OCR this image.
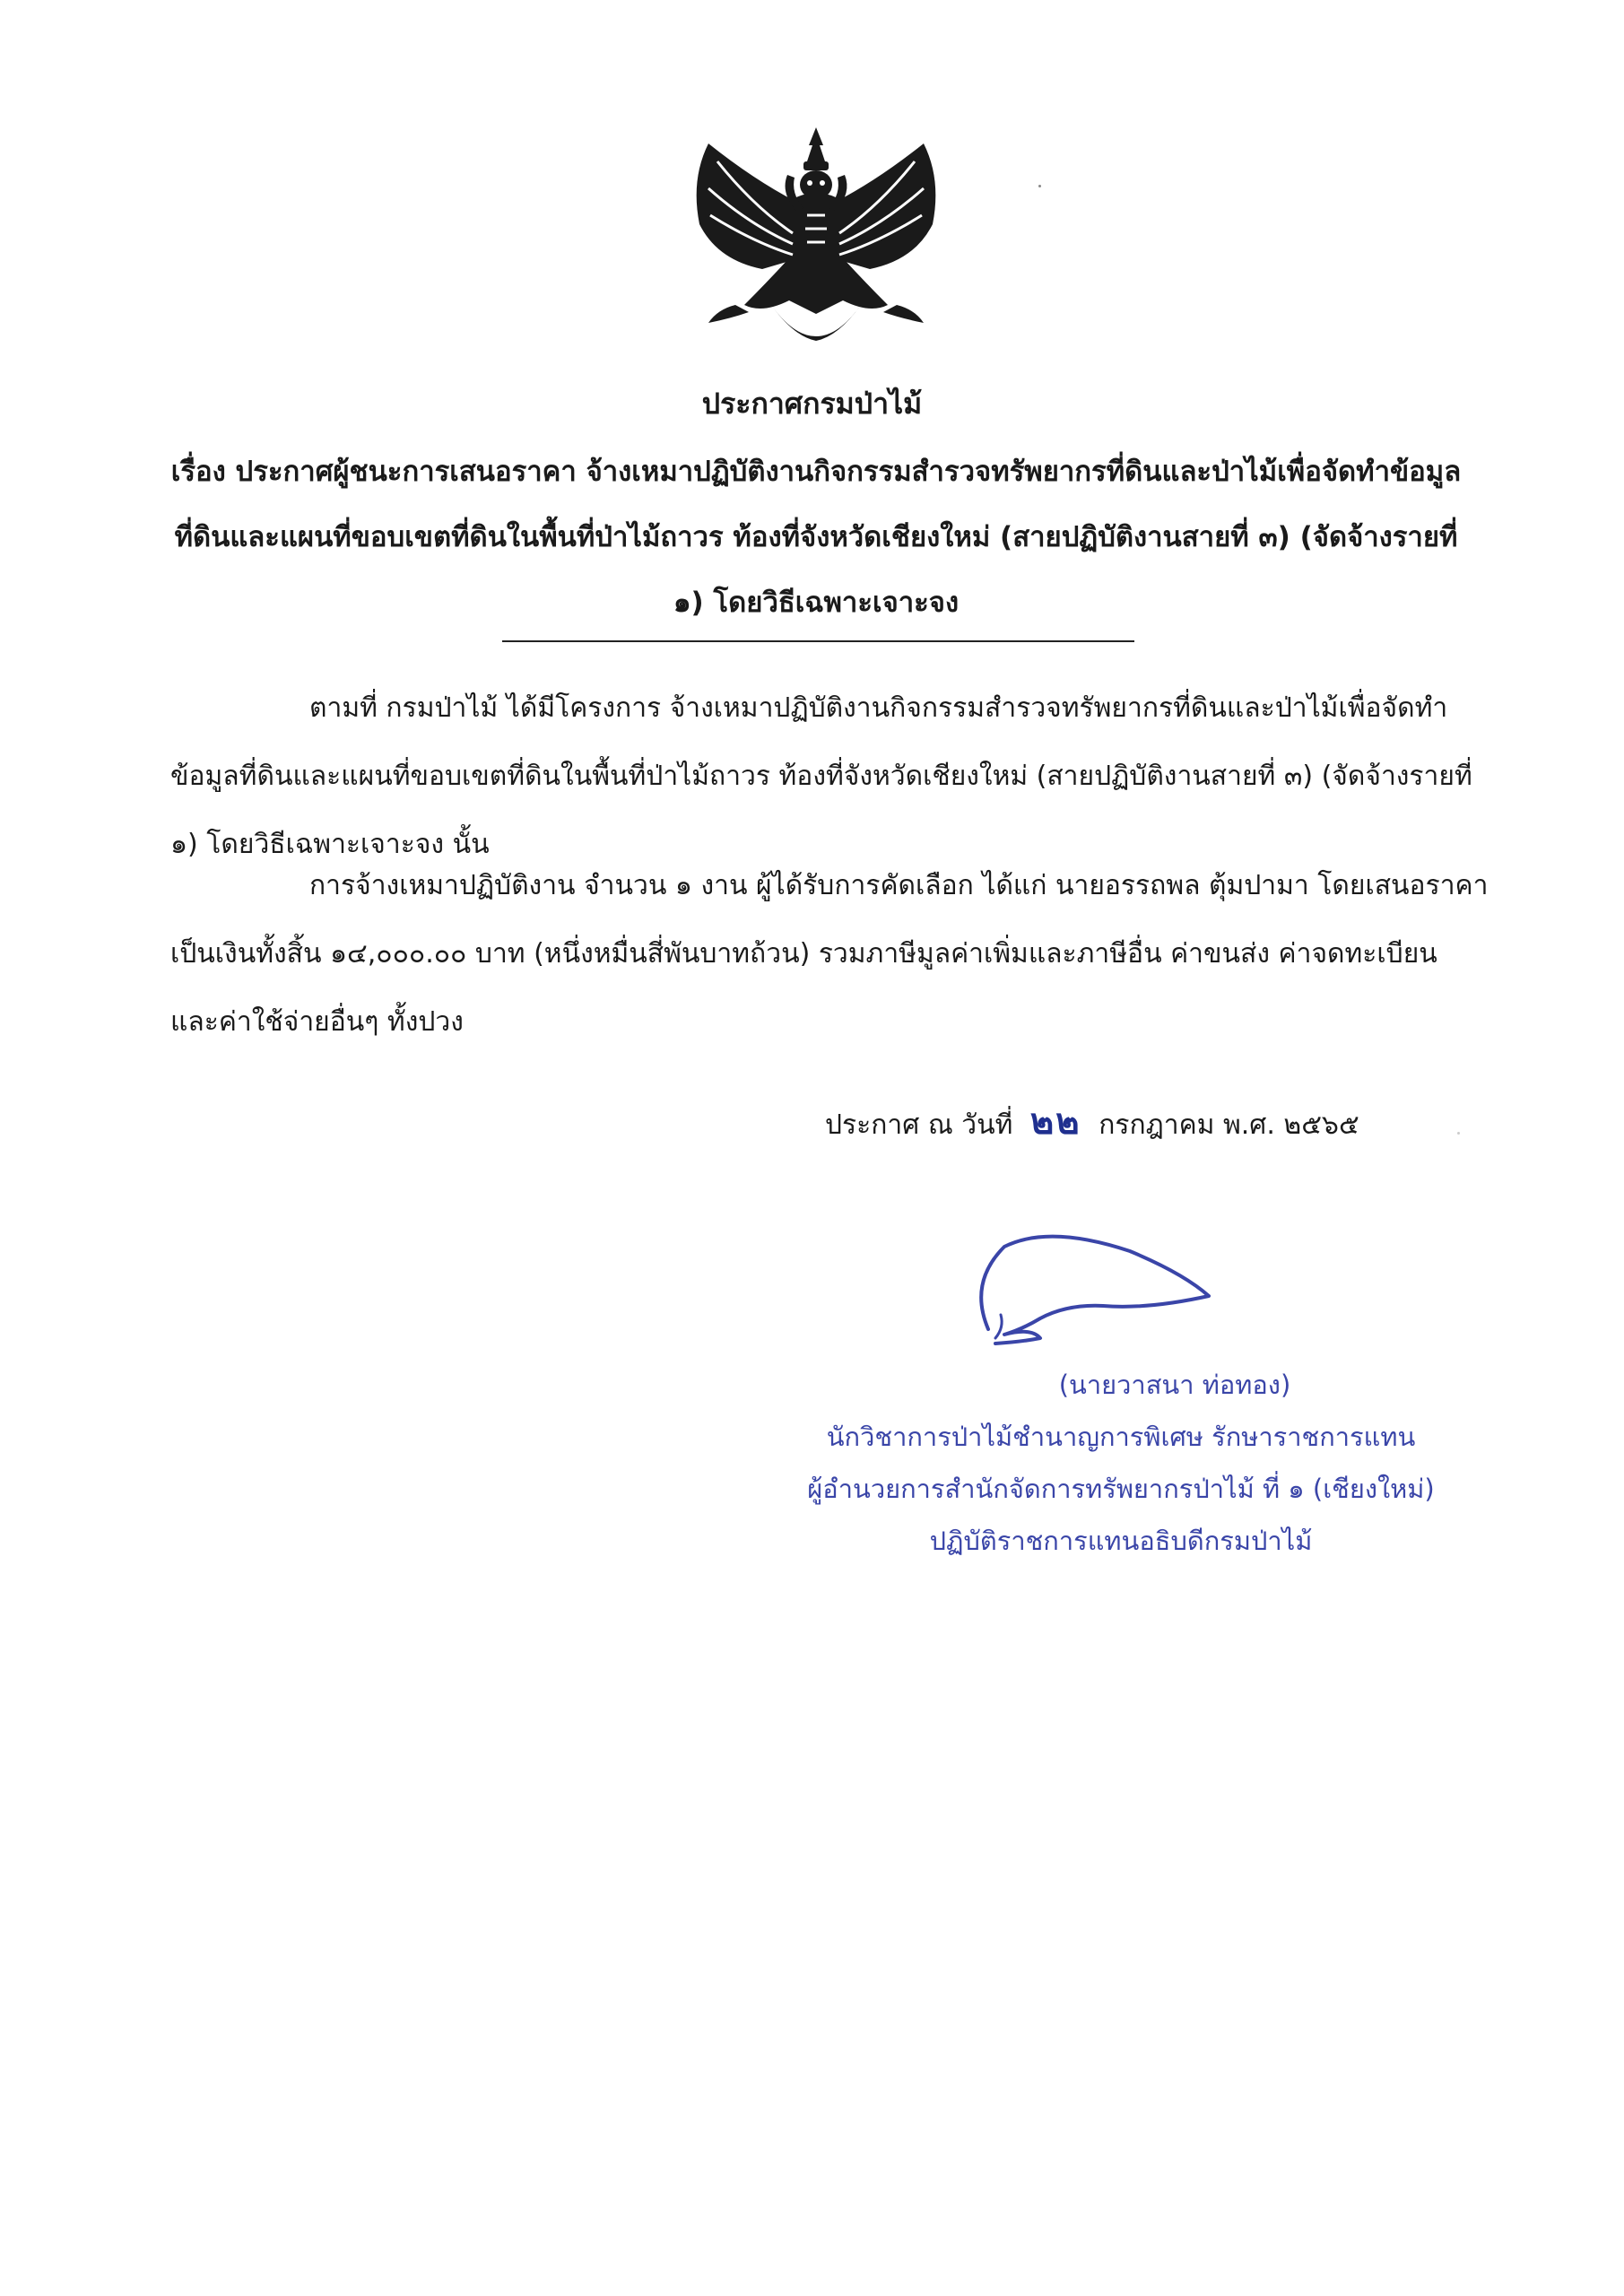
ประกาศกรมป่าไม้
เรื่อง ประกาศผู้ชนะการเสนอราคา จ้างเหมาปฏิบัติงานกิจกรรมสำรวจทรัพยากรที่ดินและป่าไม้เพื่อจัดทำข้อมูล
ที่ดินและแผนที่ขอบเขตที่ดินในพื้นที่ป่าไม้ถาวร ท้องที่จังหวัดเชียงใหม่ (สายปฏิบัติงานสายที่ ๓) (จัดจ้างรายที่
๑) โดยวิธีเฉพาะเจาะจง
ตามที่ กรมป่าไม้ ได้มีโครงการ จ้างเหมาปฏิบัติงานกิจกรรมสำรวจทรัพยากรที่ดินและป่าไม้เพื่อจัดทำ
ข้อมูลที่ดินและแผนที่ขอบเขตที่ดินในพื้นที่ป่าไม้ถาวร ท้องที่จังหวัดเชียงใหม่ (สายปฏิบัติงานสายที่ ๓) (จัดจ้างรายที่
๑) โดยวิธีเฉพาะเจาะจง นั้น
การจ้างเหมาปฏิบัติงาน จำนวน ๑ งาน ผู้ได้รับการคัดเลือก ได้แก่ นายอรรถพล ตุ้มปามา โดยเสนอราคา
เป็นเงินทั้งสิ้น ๑๔,๐๐๐.๐๐ บาท (หนึ่งหมื่นสี่พันบาทถ้วน) รวมภาษีมูลค่าเพิ่มและภาษีอื่น ค่าขนส่ง ค่าจดทะเบียน
และค่าใช้จ่ายอื่นๆ ทั้งปวง
ประกาศ ณ วันที่ ๒๒ กรกฎาคม พ.ศ. ๒๕๖๕
(นายวาสนา ท่อทอง)
นักวิชาการป่าไม้ชำนาญการพิเศษ รักษาราชการแทน
ผู้อำนวยการสำนักจัดการทรัพยากรป่าไม้ ที่ ๑ (เชียงใหม่)
ปฏิบัติราชการแทนอธิบดีกรมป่าไม้
